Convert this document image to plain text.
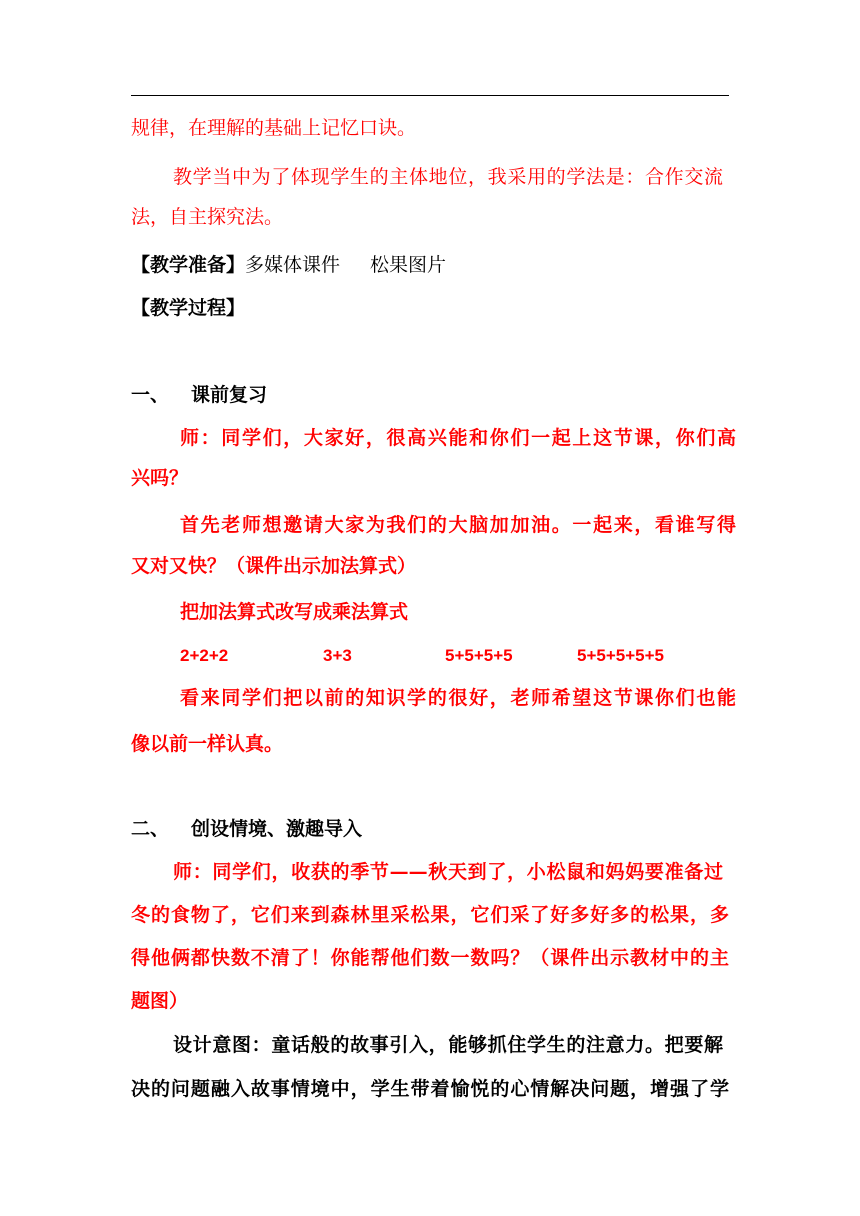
规律，在理解的基础上记忆口诀。
教学当中为了体现学生的主体地位，我采用的学法是：合作交流
法，自主探究法。
【教学准备】多媒体课件 松果图片
【教学过程】
一、 课前复习
师：同学们，大家好，很高兴能和你们一起上这节课，你们高
兴吗？
首先老师想邀请大家为我们的大脑加加油。一起来，看谁写得
又对又快？（课件出示加法算式）
把加法算式改写成乘法算式
2+2+2	3+3	5+5+5+5	5+5+5+5+5
看来同学们把以前的知识学的很好，老师希望这节课你们也能
像以前一样认真。
二、 创设情境、激趣导入
师：同学们，收获的季节——秋天到了，小松鼠和妈妈要准备过
冬的食物了，它们来到森林里采松果，它们采了好多好多的松果，多
得他俩都快数不清了！你能帮他们数一数吗？（课件出示教材中的主
题图）
设计意图：童话般的故事引入，能够抓住学生的注意力。把要解
决的问题融入故事情境中，学生带着愉悦的心情解决问题，增强了学
